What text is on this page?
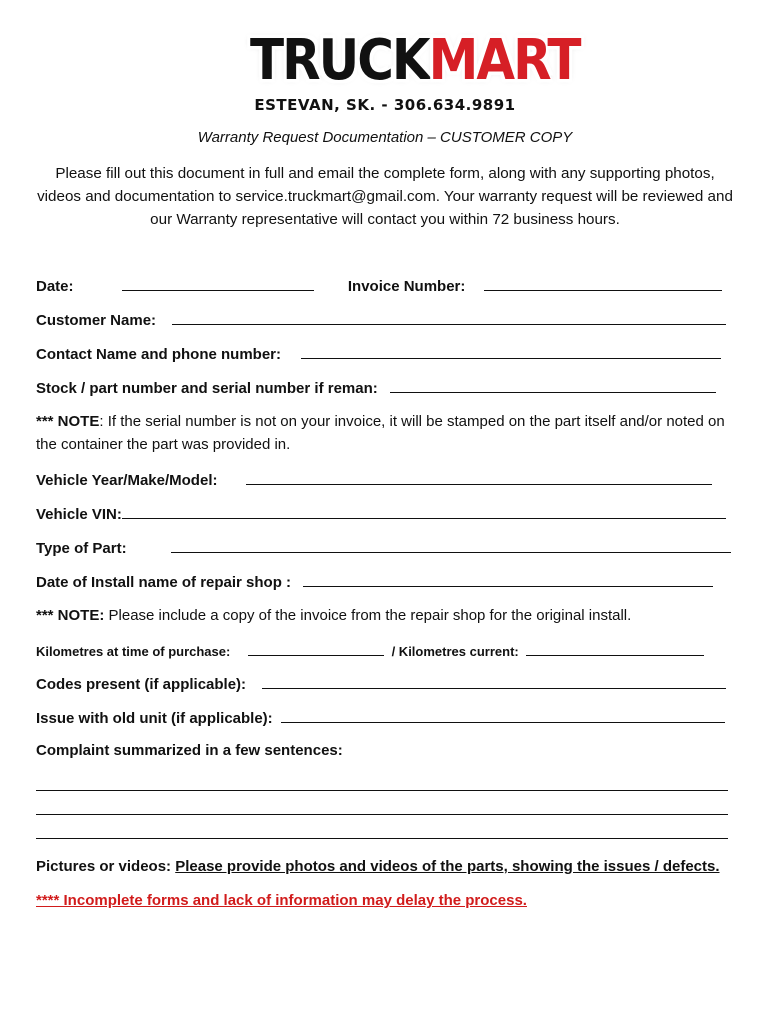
TRUCKMART
ESTEVAN, SK. - 306.634.9891
Warranty Request Documentation – CUSTOMER COPY
Please fill out this document in full and email the complete form, along with any supporting photos, videos and documentation to service.truckmart@gmail.com. Your warranty request will be reviewed and our Warranty representative will contact you within 72 business hours.
Date:	Invoice Number:
Customer Name:
Contact Name and phone number:
Stock / part number and serial number if reman:
*** NOTE: If the serial number is not on your invoice, it will be stamped on the part itself and/or noted on the container the part was provided in.
Vehicle Year/Make/Model:
Vehicle VIN:
Type of Part:
Date of Install name of repair shop :
*** NOTE: Please include a copy of the invoice from the repair shop for the original install.
Kilometres at time of purchase:	/ Kilometres current:
Codes present (if applicable):
Issue with old unit (if applicable):
Complaint summarized in a few sentences:
Pictures or videos: Please provide photos and videos of the parts, showing the issues / defects.
**** Incomplete forms and lack of information may delay the process.
